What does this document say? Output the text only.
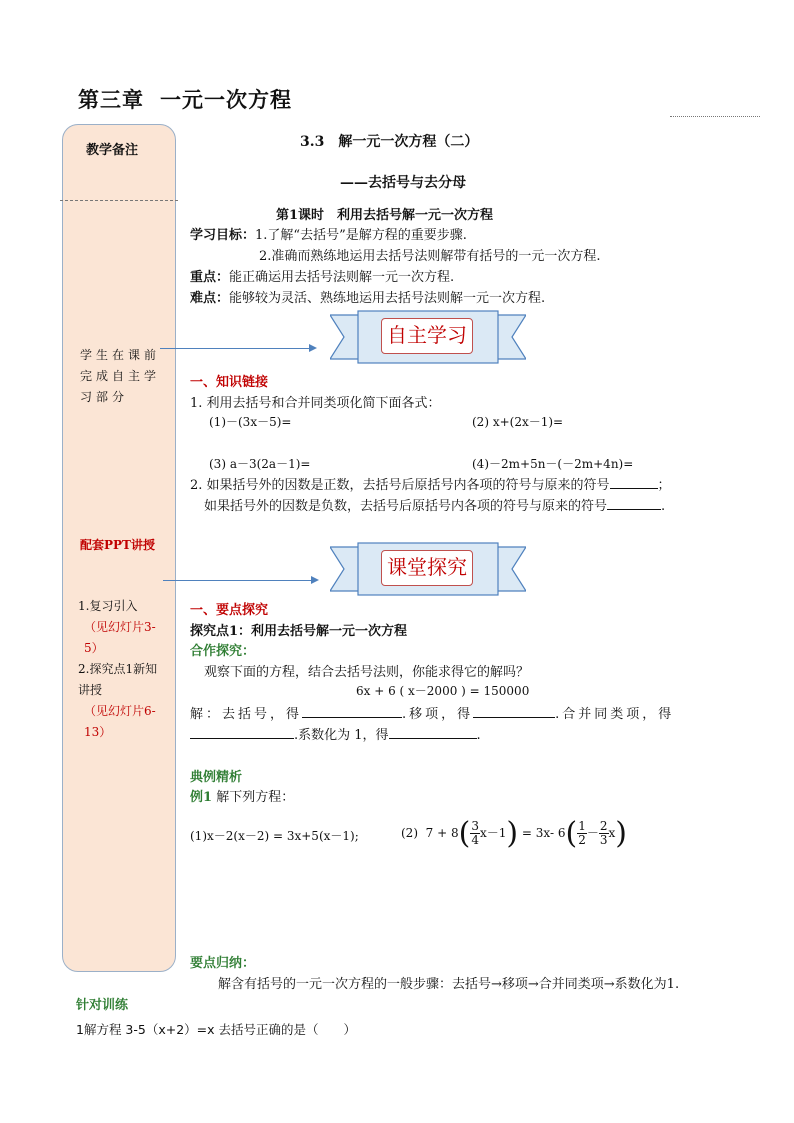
第三章 一元一次方程
教学备注
学生在课前完成自主学习部分
配套PPT讲授
1.复习引入
（见幻灯片3-5）
2.探究点1新知讲授
（见幻灯片6-13）
3.3　解一元一次方程（二）
——去括号与去分母
第1课时　利用去括号解一元一次方程
学习目标：1.了解“去括号”是解方程的重要步骤.
2.准确而熟练地运用去括号法则解带有括号的一元一次方程.
重点：能正确运用去括号法则解一元一次方程.
难点：能够较为灵活、熟练地运用去括号法则解一元一次方程.
自主学习
一、知识链接
1. 利用去括号和合并同类项化简下面各式：
(1)－(3x－5)=	(2) x+(2x－1)=
(3) a－3(2a－1)=	(4)－2m+5n－(－2m+4n)=
2. 如果括号外的因数是正数，去括号后原括号内各项的符号与原来的符号	；
如果括号外的因数是负数，去括号后原括号内各项的符号与原来的符号	.
课堂探究
一、要点探究
探究点1：利用去括号解一元一次方程
合作探究：
观察下面的方程，结合去括号法则，你能求得它的解吗？
6x + 6 ( x－2000 ) = 150000
解：去括号，得	.移项，得	.合并同类项，得
.系数化为 1，得	.
典例精析
例1 解下列方程：
(1)x－2(x－2) = 3x+5(x－1);	(2) $7 + 8( \frac{3}{4} x-1) = 3x-$ $6( \frac{1}{2} - \frac{2}{3} x)$
要点归纳：
解含有括号的一元一次方程的一般步骤：去括号→移项→合并同类项→系数化为1.
针对训练
1解方程 3-5（x+2）=x 去括号正确的是（　　）
